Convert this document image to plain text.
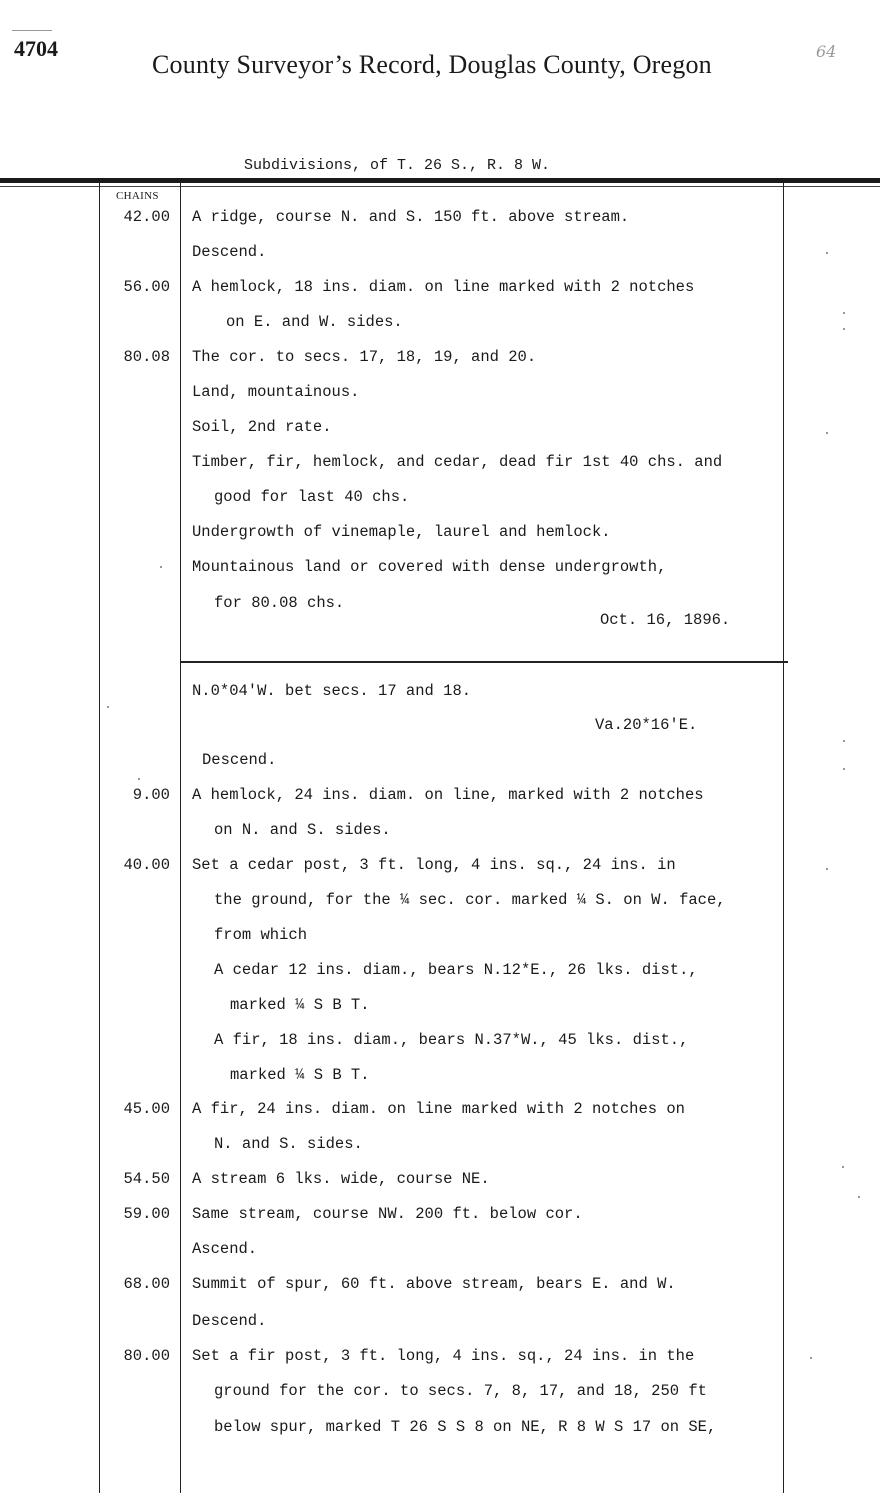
4704
County Surveyor’s Record, Douglas County, Oregon	64
Subdivisions, of T. 26 S., R. 8 W.
CHAINS
42.00 A ridge, course N. and S. 150 ft. above stream.
Descend.
56.00 A hemlock, 18 ins. diam. on line marked with 2 notches
on E. and W. sides.
80.08 The cor. to secs. 17, 18, 19, and 20.
Land, mountainous.
Soil, 2nd rate.
Timber, fir, hemlock, and cedar, dead fir 1st 40 chs. and
good for last 40 chs.
Undergrowth of vinemaple, laurel and hemlock.
Mountainous land or covered with dense undergrowth,
for 80.08 chs.
Oct. 16, 1896.
N.0*04'W. bet secs. 17 and 18.
Va.20*16'E.
Descend.
9.00 A hemlock, 24 ins. diam. on line, marked with 2 notches
on N. and S. sides.
40.00 Set a cedar post, 3 ft. long, 4 ins. sq., 24 ins. in
the ground, for the ¼ sec. cor. marked ¼ S. on W. face,
from which
A cedar 12 ins. diam., bears N.12*E., 26 lks. dist.,
marked ¼ S B T.
A fir, 18 ins. diam., bears N.37*W., 45 lks. dist.,
marked ¼ S B T.
45.00 A fir, 24 ins. diam. on line marked with 2 notches on
N. and S. sides.
54.50 A stream 6 lks. wide, course NE.
59.00 Same stream, course NW. 200 ft. below cor.
Ascend.
68.00 Summit of spur, 60 ft. above stream, bears E. and W.
Descend.
80.00 Set a fir post, 3 ft. long, 4 ins. sq., 24 ins. in the
ground for the cor. to secs. 7, 8, 17, and 18, 250 ft
below spur, marked T 26 S S 8 on NE, R 8 W S 17 on SE,
